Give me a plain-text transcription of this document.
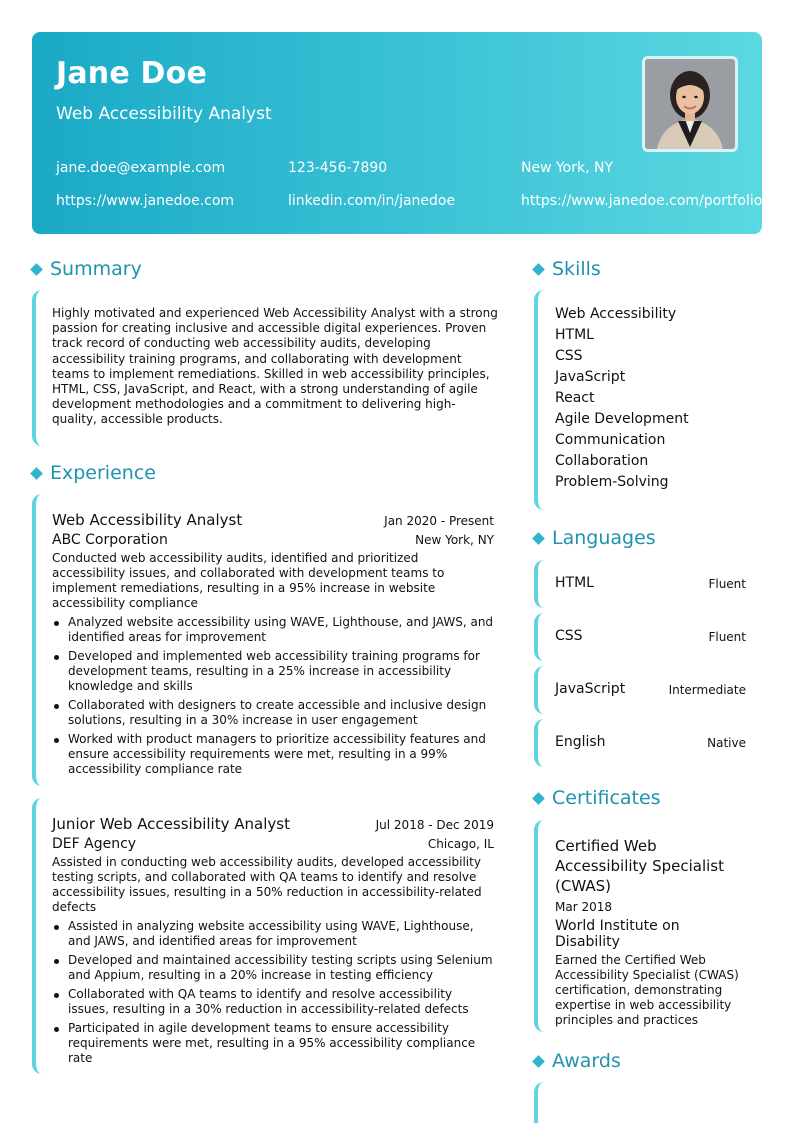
Jane Doe
Web Accessibility Analyst
jane.doe@example.com	123-456-7890	New York, NY
https://www.janedoe.com	linkedin.com/in/janedoe	https://www.janedoe.com/portfolio
Summary
Highly motivated and experienced Web Accessibility Analyst with a strong passion for creating inclusive and accessible digital experiences. Proven track record of conducting web accessibility audits, developing accessibility training programs, and collaborating with development teams to implement remediations. Skilled in web accessibility principles, HTML, CSS, JavaScript, and React, with a strong understanding of agile development methodologies and a commitment to delivering high-quality, accessible products.
Experience
Web Accessibility Analyst	Jan 2020 - Present
ABC Corporation	New York, NY
Conducted web accessibility audits, identified and prioritized accessibility issues, and collaborated with development teams to implement remediations, resulting in a 95% increase in website accessibility compliance
Analyzed website accessibility using WAVE, Lighthouse, and JAWS, and identified areas for improvement
Developed and implemented web accessibility training programs for development teams, resulting in a 25% increase in accessibility knowledge and skills
Collaborated with designers to create accessible and inclusive design solutions, resulting in a 30% increase in user engagement
Worked with product managers to prioritize accessibility features and ensure accessibility requirements were met, resulting in a 99% accessibility compliance rate
Junior Web Accessibility Analyst	Jul 2018 - Dec 2019
DEF Agency	Chicago, IL
Assisted in conducting web accessibility audits, developed accessibility testing scripts, and collaborated with QA teams to identify and resolve accessibility issues, resulting in a 50% reduction in accessibility-related defects
Assisted in analyzing website accessibility using WAVE, Lighthouse, and JAWS, and identified areas for improvement
Developed and maintained accessibility testing scripts using Selenium and Appium, resulting in a 20% increase in testing efficiency
Collaborated with QA teams to identify and resolve accessibility issues, resulting in a 30% reduction in accessibility-related defects
Participated in agile development teams to ensure accessibility requirements were met, resulting in a 95% accessibility compliance rate
Skills
Web Accessibility
HTML
CSS
JavaScript
React
Agile Development
Communication
Collaboration
Problem-Solving
Languages
HTML	Fluent
CSS	Fluent
JavaScript	Intermediate
English	Native
Certificates
Certified Web Accessibility Specialist (CWAS)
Mar 2018
World Institute on Disability
Earned the Certified Web Accessibility Specialist (CWAS) certification, demonstrating expertise in web accessibility principles and practices
Awards
